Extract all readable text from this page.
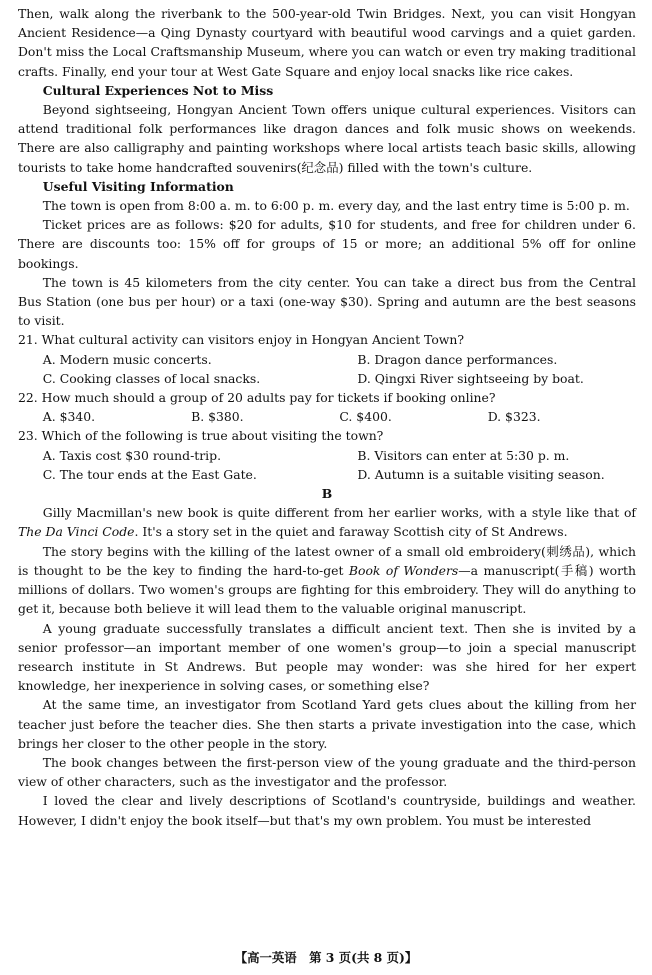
Then, walk along the riverbank to the 500-year-old Twin Bridges. Next, you can visit Hongyan Ancient Residence—a Qing Dynasty courtyard with beautiful wood carvings and a quiet garden. Don't miss the Local Craftsmanship Museum, where you can watch or even try making traditional crafts. Finally, end your tour at West Gate Square and enjoy local snacks like rice cakes.

Cultural Experiences Not to Miss

Beyond sightseeing, Hongyan Ancient Town offers unique cultural experiences. Visitors can attend traditional folk performances like dragon dances and folk music shows on weekends. There are also calligraphy and painting workshops where local artists teach basic skills, allowing tourists to take home handcrafted souvenirs(纪念品) filled with the town's culture.

Useful Visiting Information

The town is open from 8:00 a. m. to 6:00 p. m. every day, and the last entry time is 5:00 p. m.

Ticket prices are as follows: $20 for adults, $10 for students, and free for children under 6. There are discounts too: 15% off for groups of 15 or more; an additional 5% off for online bookings.

The town is 45 kilometers from the city center. You can take a direct bus from the Central Bus Station (one bus per hour) or a taxi (one-way $30). Spring and autumn are the best seasons to visit.

21. What cultural activity can visitors enjoy in Hongyan Ancient Town?
A. Modern music concerts.	B. Dragon dance performances.
C. Cooking classes of local snacks.	D. Qingxi River sightseeing by boat.
22. How much should a group of 20 adults pay for tickets if booking online?
A. $340.	B. $380.	C. $400.	D. $323.
23. Which of the following is true about visiting the town?
A. Taxis cost $30 round-trip.	B. Visitors can enter at 5:30 p. m.
C. The tour ends at the East Gate.	D. Autumn is a suitable visiting season.
B

Gilly Macmillan's new book is quite different from her earlier works, with a style like that of The Da Vinci Code. It's a story set in the quiet and faraway Scottish city of St Andrews.

The story begins with the killing of the latest owner of a small old embroidery(刺绣品), which is thought to be the key to finding the hard-to-get Book of Wonders—a manuscript(手稿) worth millions of dollars. Two women's groups are fighting for this embroidery. They will do anything to get it, because both believe it will lead them to the valuable original manuscript.

A young graduate successfully translates a difficult ancient text. Then she is invited by a senior professor—an important member of one women's group—to join a special manuscript research institute in St Andrews. But people may wonder: was she hired for her expert knowledge, her inexperience in solving cases, or something else?

At the same time, an investigator from Scotland Yard gets clues about the killing from her teacher just before the teacher dies. She then starts a private investigation into the case, which brings her closer to the other people in the story.

The book changes between the first-person view of the young graduate and the third-person view of other characters, such as the investigator and the professor.

I loved the clear and lively descriptions of Scotland's countryside, buildings and weather. However, I didn't enjoy the book itself—but that's my own problem. You must be interested

【高一英语　第 3 页(共 8 页)】
